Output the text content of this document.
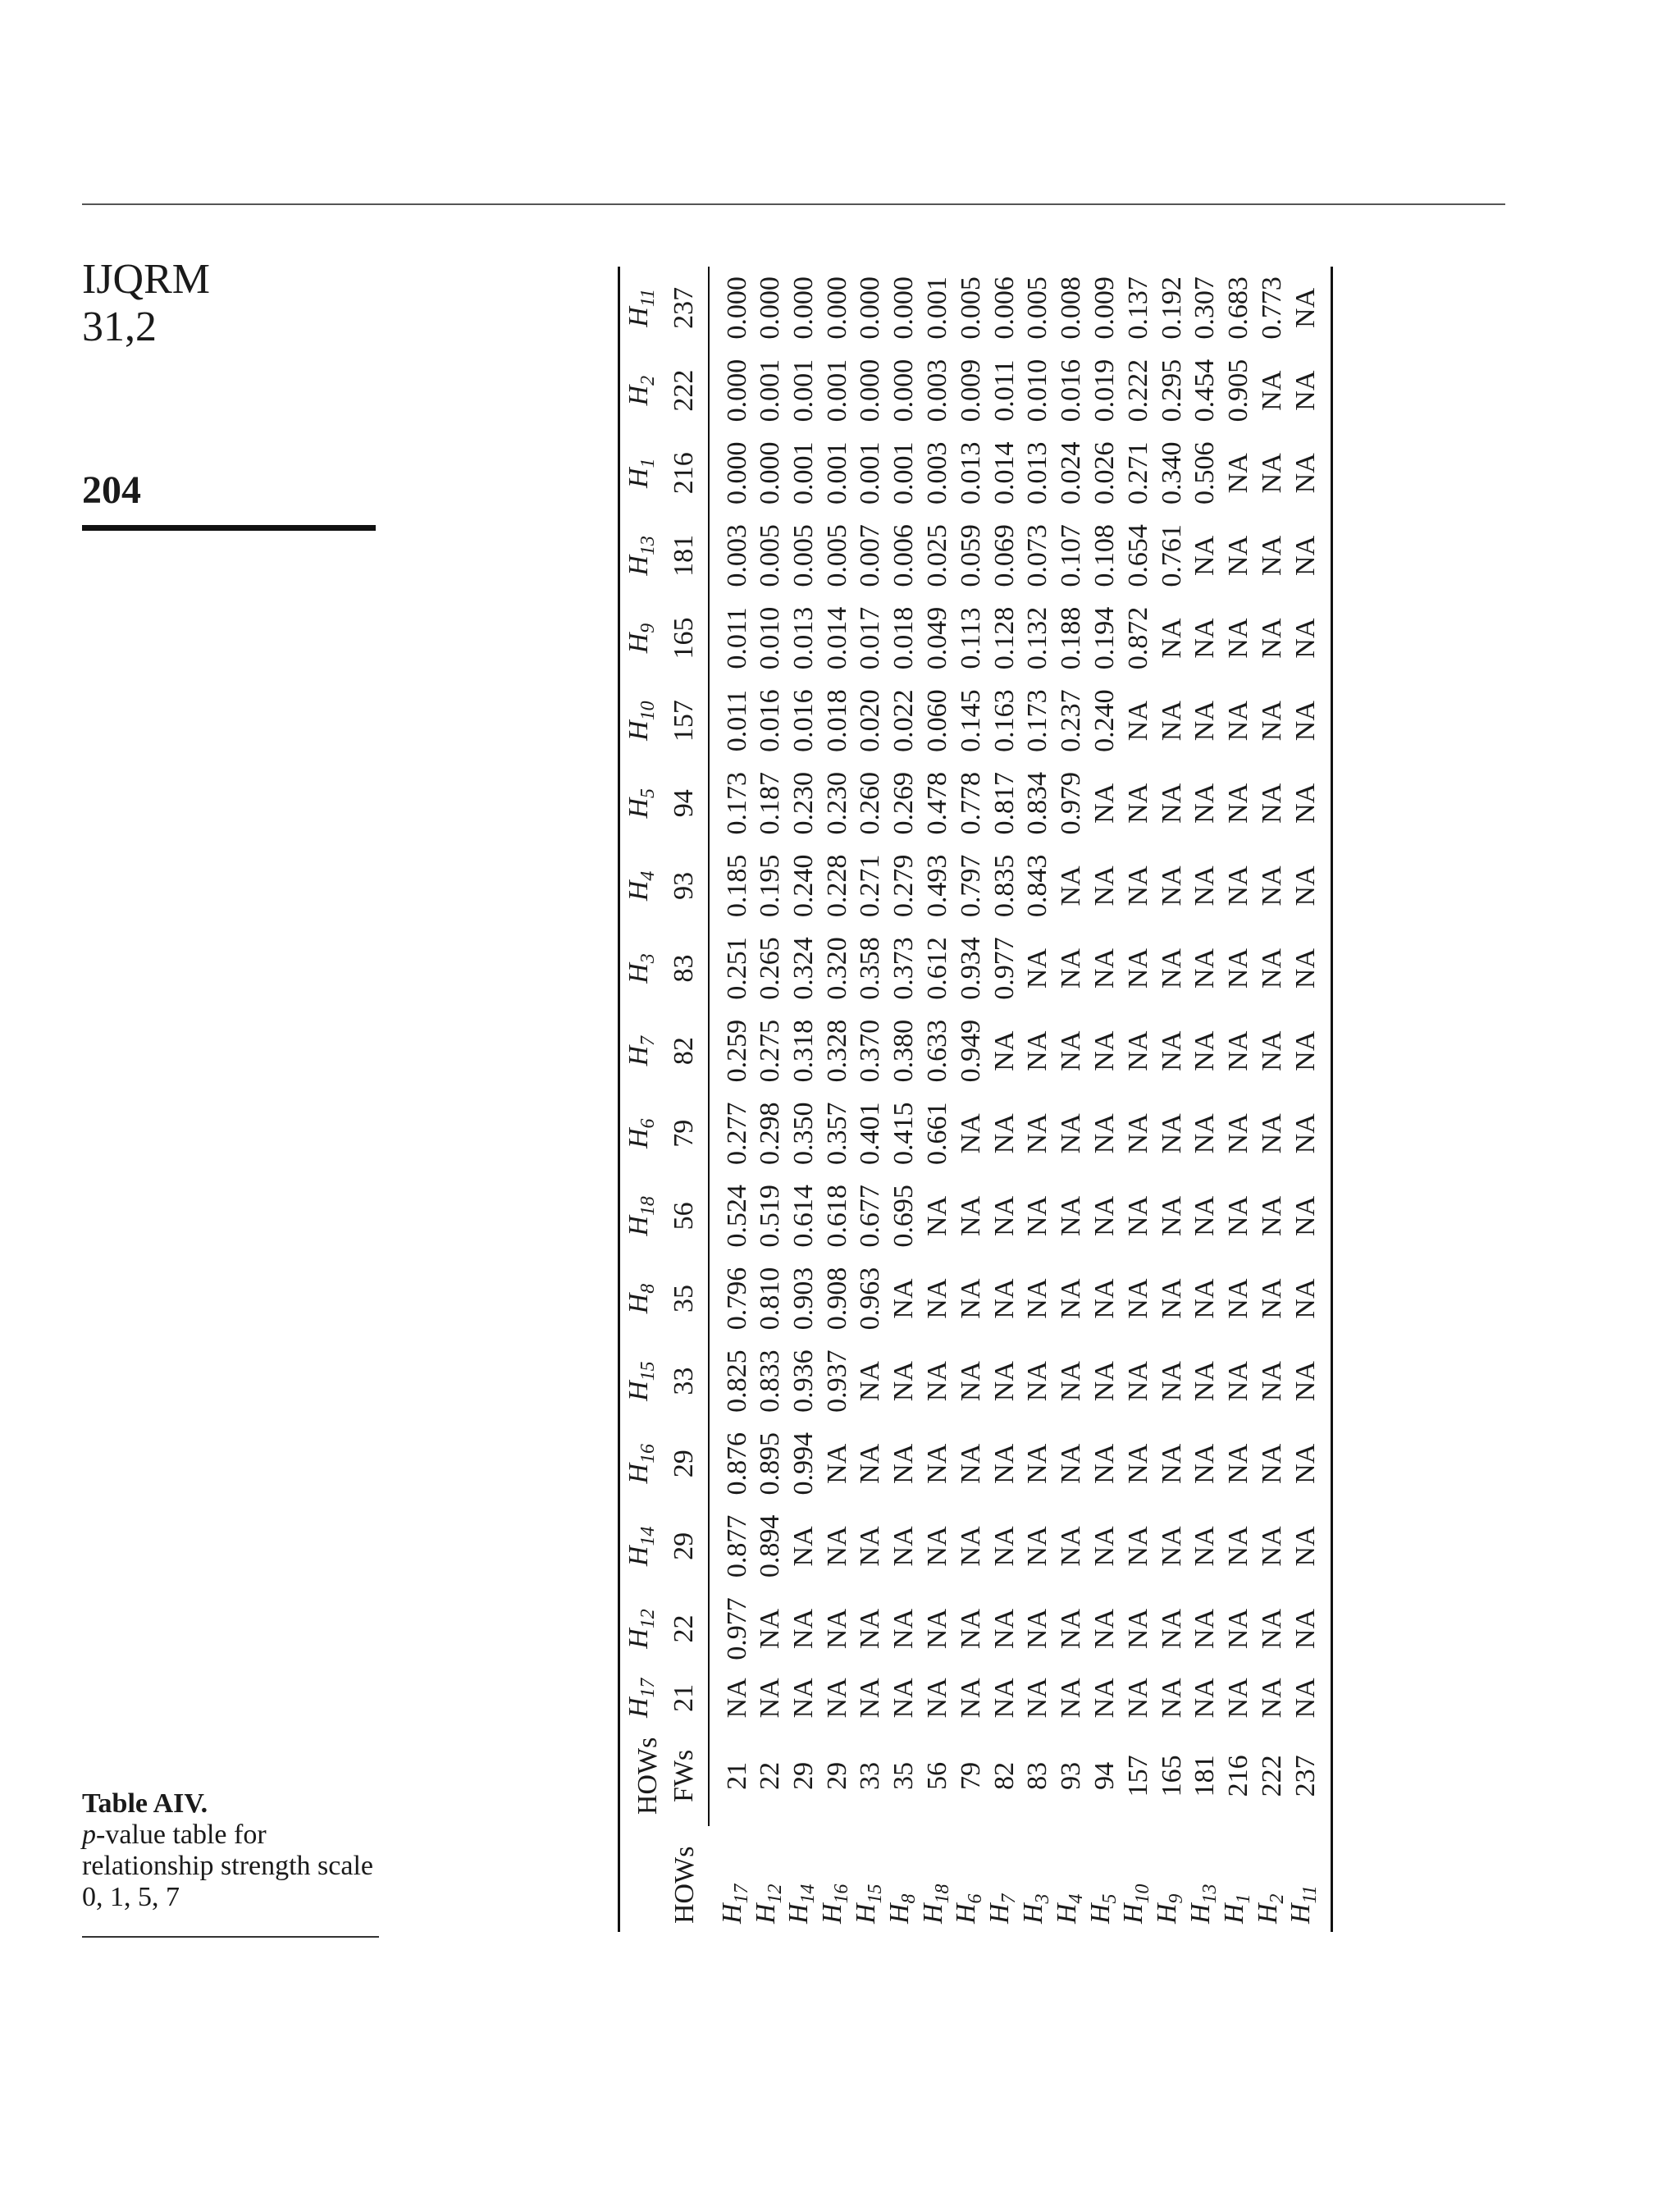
IJQRM
31,2
204
Table AIV.
p-value table for relationship strength scale 0, 1, 5, 7	HOWs	HOWs	$H_{17}$	$H_{12}$	$H_{14}$	$H_{16}$	$H_{15}$	$H_8$	$H_{18}$	$H_6$	$H_7$	$H_3$	$H_4$	$H_5$	$H_{10}$	$H_9$	$H_{13}$	$H_1$	$H_2$	$H_{11}$
	FWs	21	22	29	29	33	35	56	79	82	83	93	94	157	165	181	216	222	237
$H_{17}$	21	NA	0.977	0.877	0.876	0.825	0.796	0.524	0.277	0.259	0.251	0.185	0.173	0.011	0.011	0.003	0.000	0.000	0.000
$H_{12}$	22	NA	NA	0.894	0.895	0.833	0.810	0.519	0.298	0.275	0.265	0.195	0.187	0.016	0.010	0.005	0.000	0.001	0.000
$H_{14}$	29	NA	NA	NA	0.994	0.936	0.903	0.614	0.350	0.318	0.324	0.240	0.230	0.016	0.013	0.005	0.001	0.001	0.000
$H_{16}$	29	NA	NA	NA	NA	0.937	0.908	0.618	0.357	0.328	0.320	0.228	0.230	0.018	0.014	0.005	0.001	0.001	0.000
$H_{15}$	33	NA	NA	NA	NA	NA	0.963	0.677	0.401	0.370	0.358	0.271	0.260	0.020	0.017	0.007	0.001	0.000	0.000
$H_8$	35	NA	NA	NA	NA	NA	NA	0.695	0.415	0.380	0.373	0.279	0.269	0.022	0.018	0.006	0.001	0.000	0.000
$H_{18}$	56	NA	NA	NA	NA	NA	NA	NA	0.661	0.633	0.612	0.493	0.478	0.060	0.049	0.025	0.003	0.003	0.001
$H_6$	79	NA	NA	NA	NA	NA	NA	NA	NA	0.949	0.934	0.797	0.778	0.145	0.113	0.059	0.013	0.009	0.005
$H_7$	82	NA	NA	NA	NA	NA	NA	NA	NA	NA	0.977	0.835	0.817	0.163	0.128	0.069	0.014	0.011	0.006
$H_3$	83	NA	NA	NA	NA	NA	NA	NA	NA	NA	NA	0.843	0.834	0.173	0.132	0.073	0.013	0.010	0.005
$H_4$	93	NA	NA	NA	NA	NA	NA	NA	NA	NA	NA	NA	0.979	0.237	0.188	0.107	0.024	0.016	0.008
$H_5$	94	NA	NA	NA	NA	NA	NA	NA	NA	NA	NA	NA	NA	0.240	0.194	0.108	0.026	0.019	0.009
$H_{10}$	157	NA	NA	NA	NA	NA	NA	NA	NA	NA	NA	NA	NA	NA	0.872	0.654	0.271	0.222	0.137
$H_9$	165	NA	NA	NA	NA	NA	NA	NA	NA	NA	NA	NA	NA	NA	NA	0.761	0.340	0.295	0.192
$H_{13}$	181	NA	NA	NA	NA	NA	NA	NA	NA	NA	NA	NA	NA	NA	NA	NA	0.506	0.454	0.307
$H_1$	216	NA	NA	NA	NA	NA	NA	NA	NA	NA	NA	NA	NA	NA	NA	NA	NA	0.905	0.683
$H_2$	222	NA	NA	NA	NA	NA	NA	NA	NA	NA	NA	NA	NA	NA	NA	NA	NA	NA	0.773
$H_{11}$	237	NA	NA	NA	NA	NA	NA	NA	NA	NA	NA	NA	NA	NA	NA	NA	NA	NA	NA
